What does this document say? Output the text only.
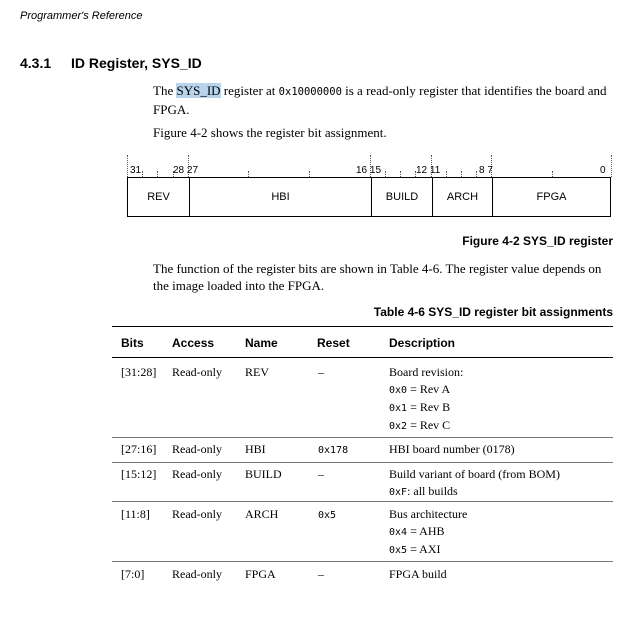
Programmer's Reference
4.3.1 ID Register, SYS_ID
The SYS_ID register at 0x10000000 is a read-only register that identifies the board and
FPGA.
Figure 4-2 shows the register bit assignment.
31	28 27	16 15	12 11	8 7	0
REV	HBI	BUILD	ARCH	FPGA
Figure 4-2 SYS_ID register
The function of the register bits are shown in Table 4-6. The register value depends on
the image loaded into the FPGA.
Table 4-6 SYS_ID register bit assignments
Bits Access	Name	Reset	Description
[31:28] Read-only REV	–	Board revision:
0x0 = Rev A
0x1 = Rev B
0x2 = Rev C
[27:16] Read-only HBI	0x178	HBI board number (0178)
[15:12] Read-only BUILD	–	Build variant of board (from BOM)
0xF: all builds
[11:8] Read-only ARCH	0x5	Bus architecture
0x4 = AHB
0x5 = AXI
[7:0] Read-only FPGA	–	FPGA build
